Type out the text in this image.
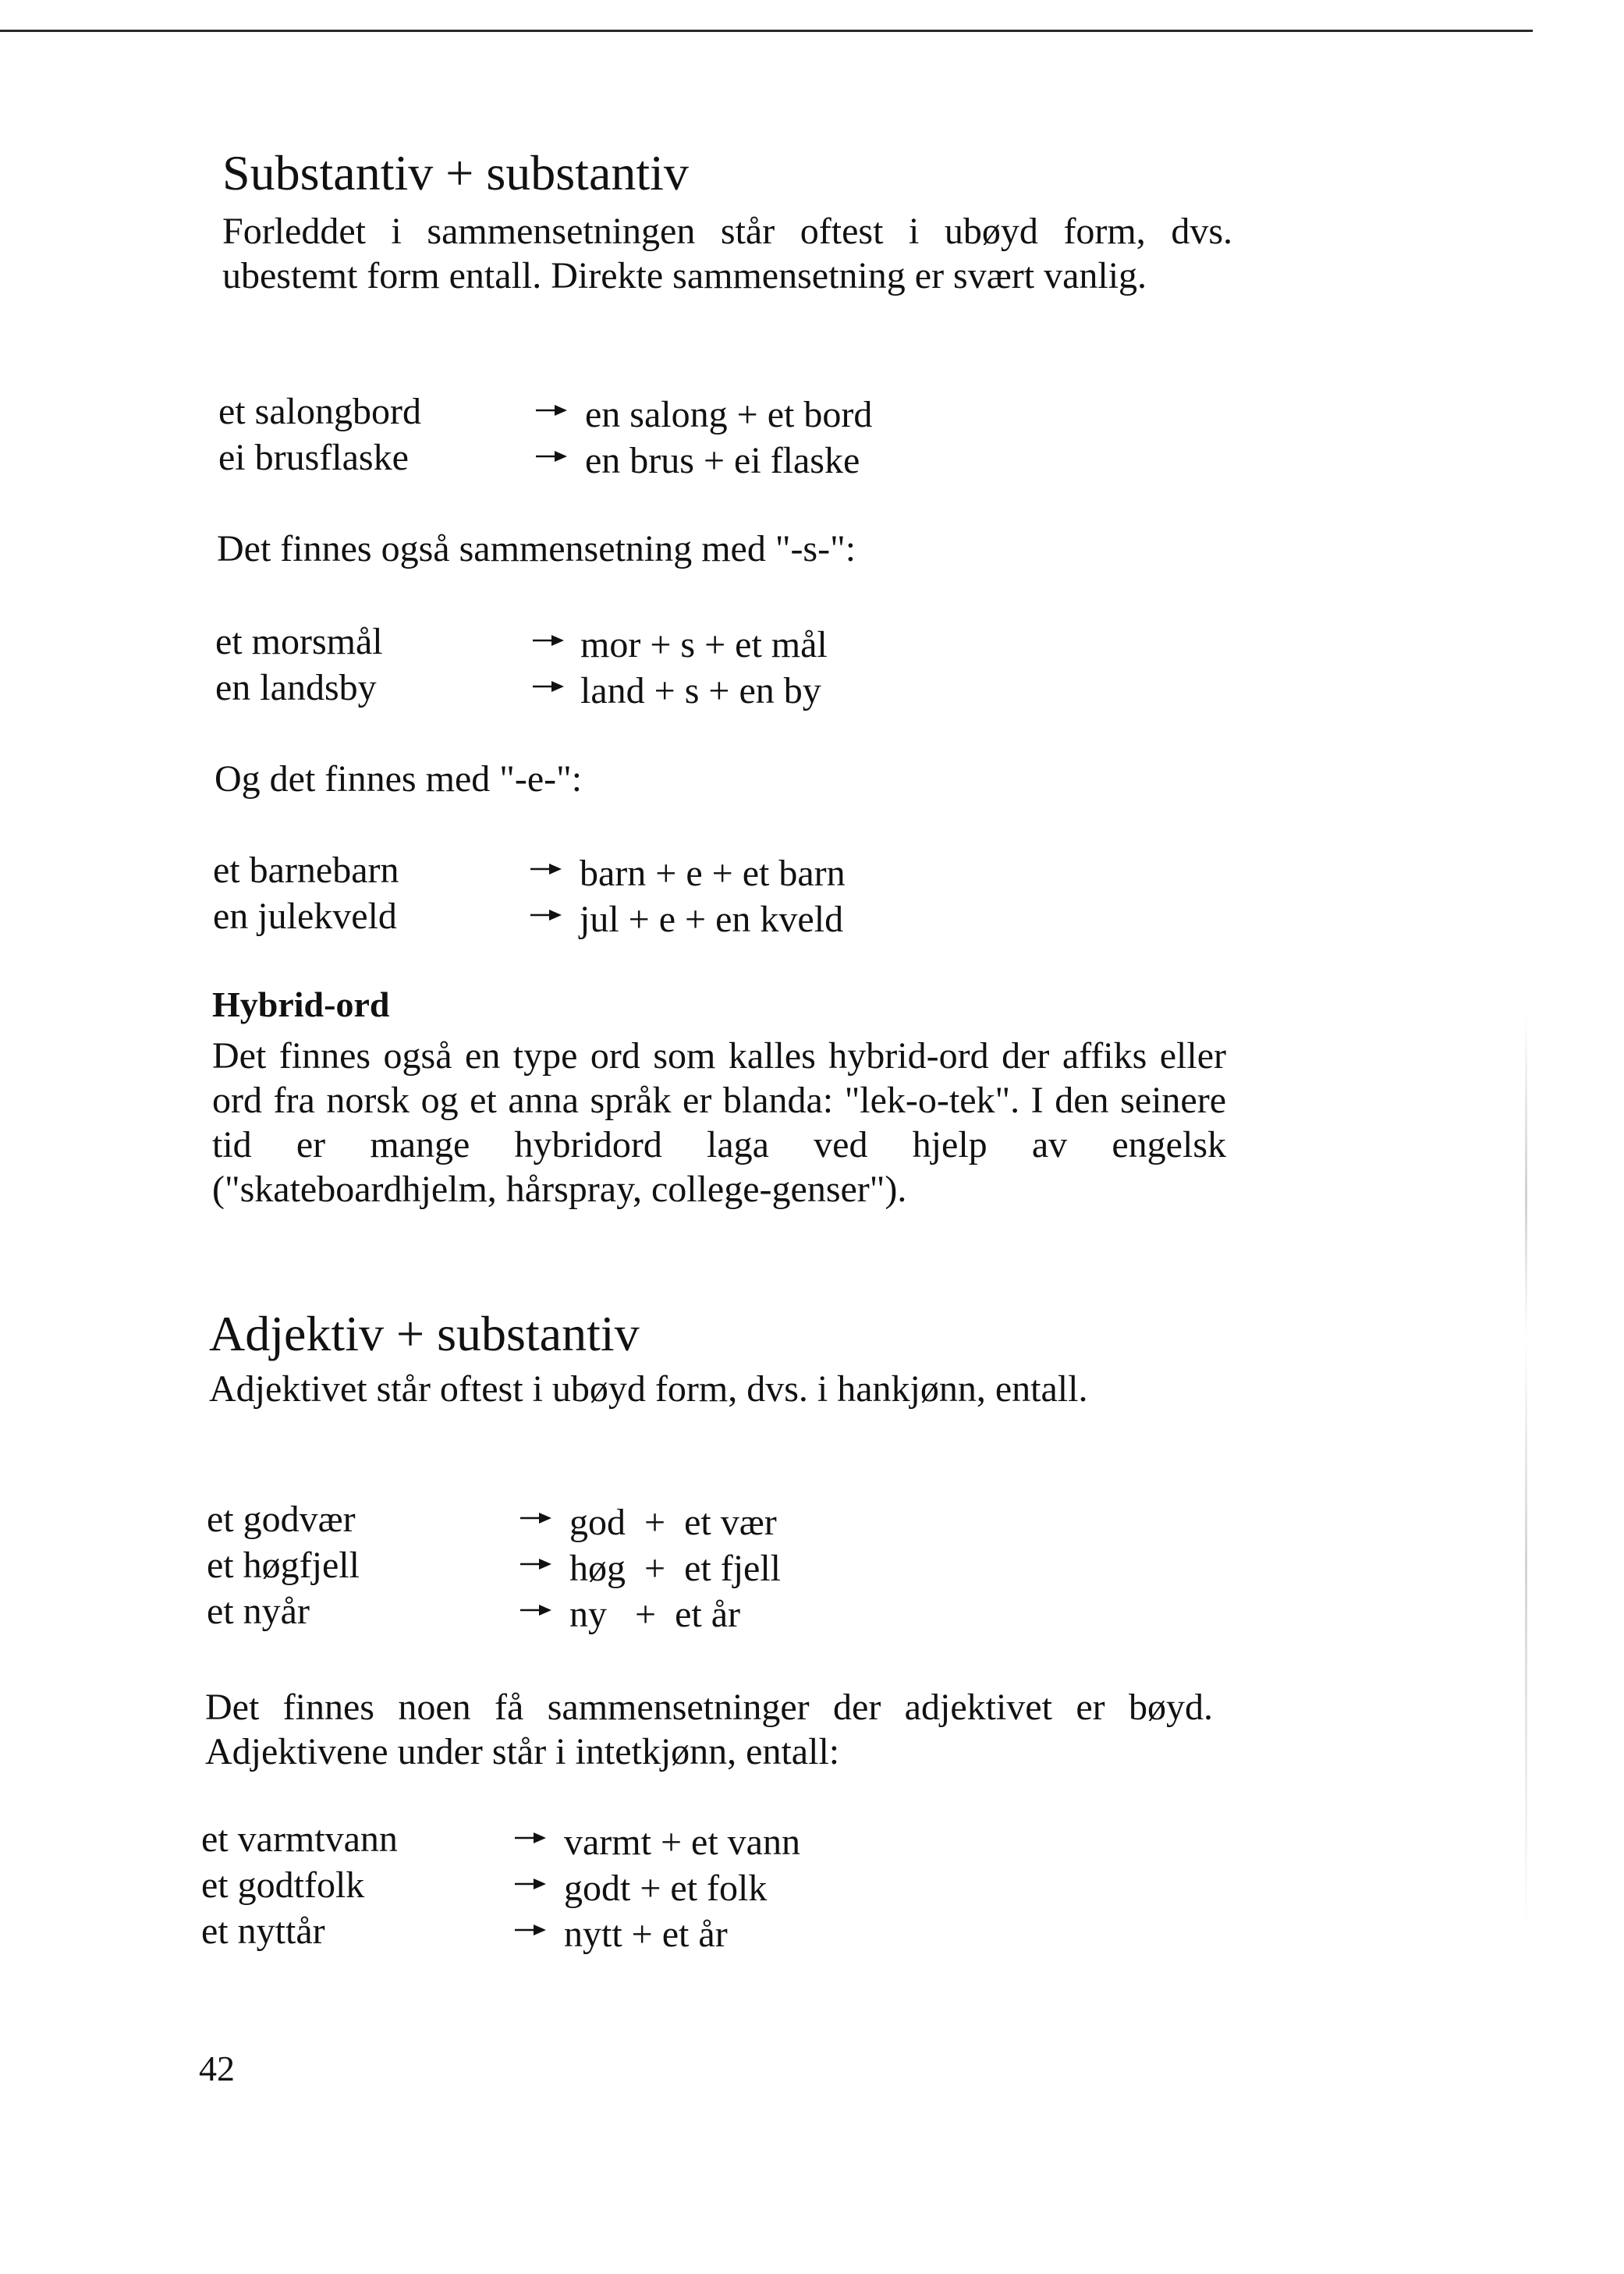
Substantiv + substantiv
Forleddet i sammensetningen står oftest i ubøyd form, dvs. ubestemt form entall. Direkte sammensetning er svært vanlig.
et salongbord	en salong + et bord
ei brusflaske	en brus + ei flaske
Det finnes også sammensetning med "-s-":
et morsmål	mor + s + et mål
en landsby	land + s + en by
Og det finnes med "-e-":
et barnebarn	barn + e + et barn
en julekveld	jul + e + en kveld
Hybrid-ord
Det finnes også en type ord som kalles hybrid-ord der affiks eller ord fra norsk og et anna språk er blanda: "lek-o-tek". I den seinere tid er mange hybridord laga ved hjelp av engelsk ("skateboardhjelm, hårspray, college-genser").
Adjektiv + substantiv
Adjektivet står oftest i ubøyd form, dvs. i hankjønn, entall.
et godvær	god  +  et vær
et høgfjell	høg  +  et fjell
et nyår	ny   +  et år
Det finnes noen få sammensetninger der adjektivet er bøyd. Adjektivene under står i intetkjønn, entall:
et varmtvann	varmt + et vann
et godtfolk	godt + et folk
et nyttår	nytt + et år
42
